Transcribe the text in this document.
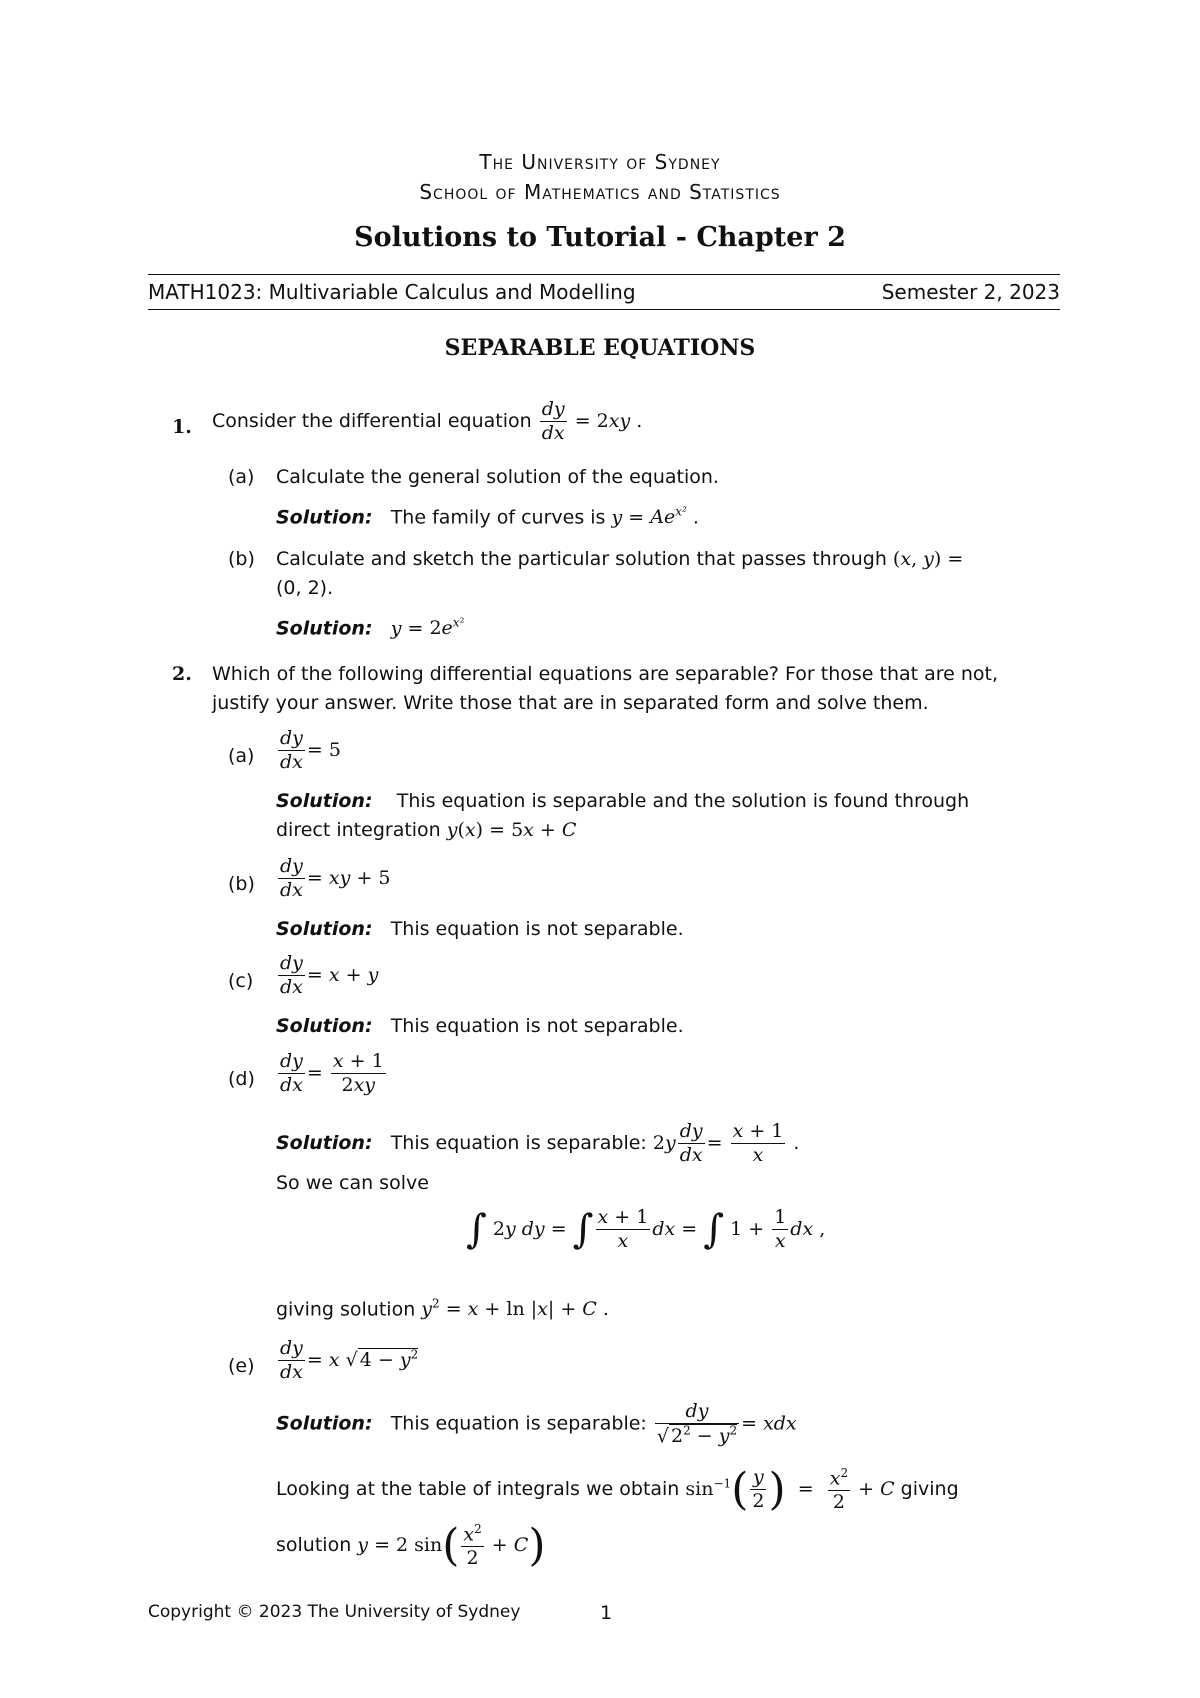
The University of Sydney
School of Mathematics and Statistics
Solutions to Tutorial - Chapter 2
MATH1023: Multivariable Calculus and Modelling	Semester 2, 2023
SEPARABLE EQUATIONS
1. Consider the differential equation $\frac{dy}{dx} = 2xy$ .
(a) Calculate the general solution of the equation.
Solution: The family of curves is $y = Ae^{x^2}$ .
(b) Calculate and sketch the particular solution that passes through (x, y) =
(0, 2).
Solution: $y = 2e^{x^2}$
2. Which of the following differential equations are separable? For those that are not,
justify your answer. Write those that are in separated form and solve them.
$(a) \frac{dy}{dx} = 5$
Solution: This equation is separable and the solution is found through
direct integration y(x) = 5x + C
$(b) \frac{dy}{dx}$ = xy + 5
Solution: This equation is not separable.
$(c) \frac{dy}{dx} = x + y$
Solution: This equation is not separable.
$(d) \frac{dy}{dx} = \frac{x + 1}{2xy}$
Solution: This equation is separable: $2y \frac{dy}{dx} = \frac{x + 1}{x}$ .
So we can solve
∫ 2y dy = ∫ $\frac{x + 1}{x}$ dx = ∫ $1 + \frac{1}{x}$ dx ,
giving solution $y^2 = x + \ln |x| + C$ .
$(e) \frac{dy}{dx} = x$ √ $4 - y^2$
Solution: This equation is separable: $\frac{dy}{√ 2^2 - y^2}$ = xdx
Looking at the table of integrals we obtain $\sin^{-1}( \frac{y}{2}$ )  = $\frac{x^2}{2} + C$ giving
solution y = 2 $\sin( \frac{x^2}{2} + C)$
Copyright © 2023 The University of Sydney	1
